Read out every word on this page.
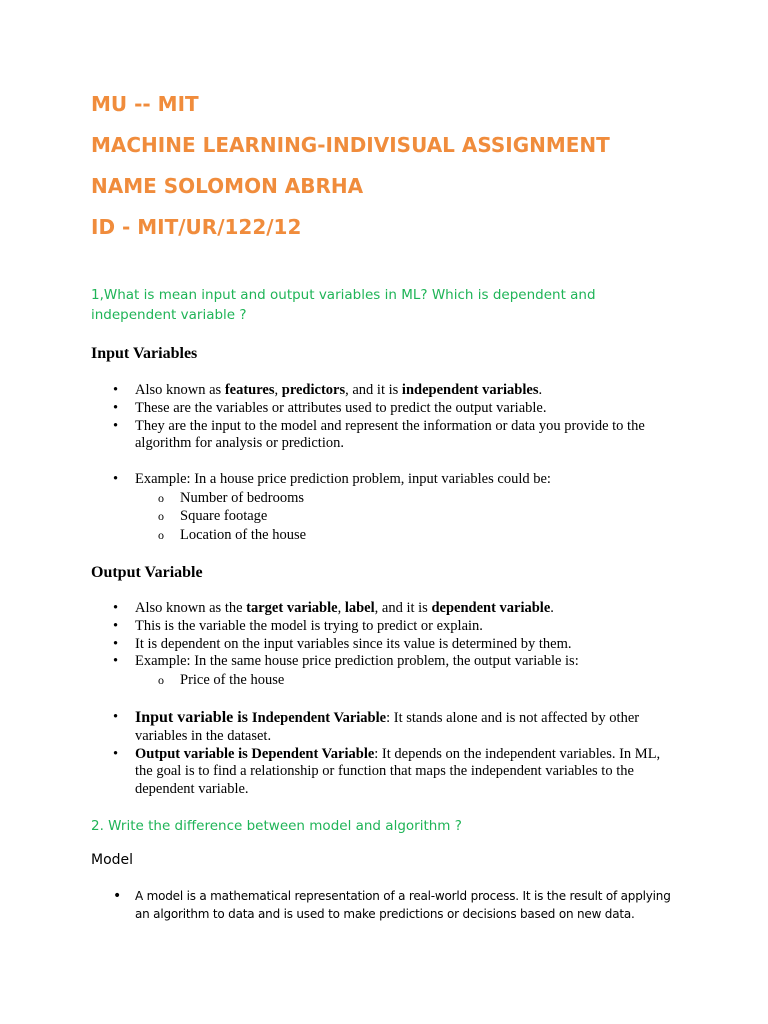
MU -- MIT

MACHINE LEARNING-INDIVISUAL ASSIGNMENT

NAME SOLOMON ABRHA

ID - MIT/UR/122/12

1,What is mean input and output variables in ML? Which is dependent and independent variable ?

Input Variables

• Also known as features, predictors, and it is independent variables.
• These are the variables or attributes used to predict the output variable.
• They are the input to the model and represent the information or data you provide to the algorithm for analysis or prediction.
• Example: In a house price prediction problem, input variables could be:
o Number of bedrooms
o Square footage
o Location of the house

Output Variable

• Also known as the target variable, label, and it is dependent variable.
• This is the variable the model is trying to predict or explain.
• It is dependent on the input variables since its value is determined by them.
• Example: In the same house price prediction problem, the output variable is:
o Price of the house
• Input variable is Independent Variable: It stands alone and is not affected by other variables in the dataset.
• Output variable is Dependent Variable: It depends on the independent variables. In ML, the goal is to find a relationship or function that maps the independent variables to the dependent variable.

2. Write the difference between model and algorithm ?

Model

• A model is a mathematical representation of a real-world process. It is the result of applying an algorithm to data and is used to make predictions or decisions based on new data.
